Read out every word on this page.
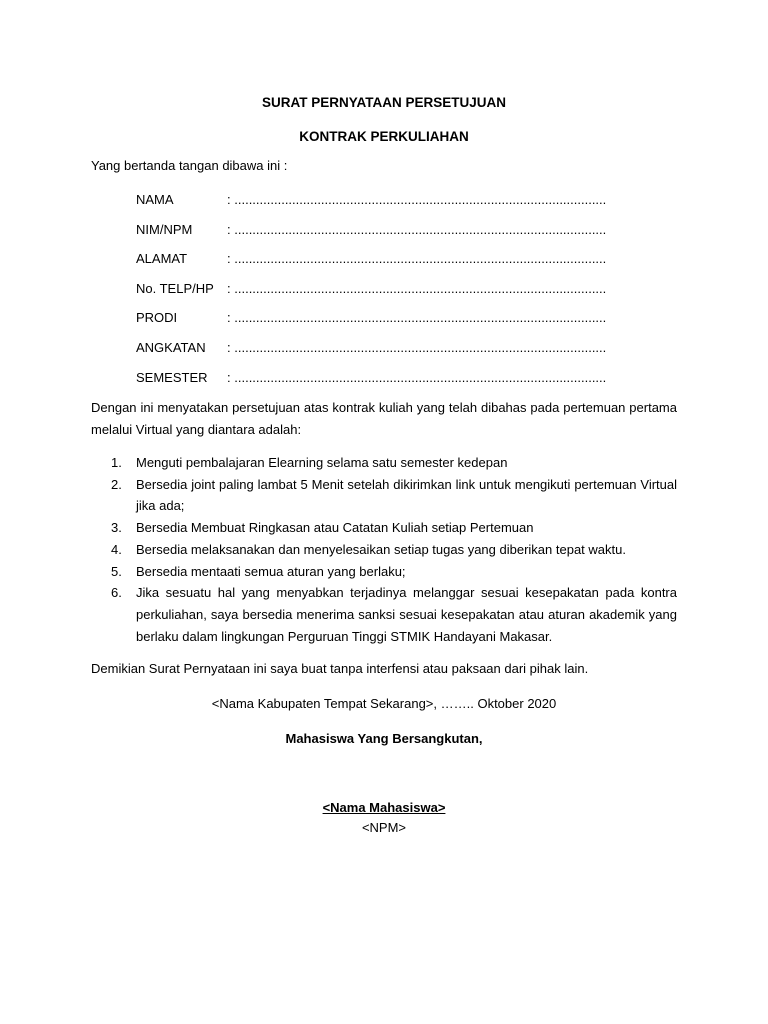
SURAT PERNYATAAN PERSETUJUAN
KONTRAK PERKULIAHAN
Yang bertanda tangan dibawa ini :
NAMA	: .......................................................................................................
NIM/NPM	: .......................................................................................................
ALAMAT	: .......................................................................................................
No. TELP/HP : .......................................................................................................
PRODI	: .......................................................................................................
ANGKATAN : .......................................................................................................
SEMESTER : .......................................................................................................
Dengan ini menyatakan persetujuan atas kontrak kuliah yang telah dibahas pada pertemuan pertama melalui Virtual yang diantara adalah:
1. Menguti pembalajaran Elearning selama satu semester kedepan
2. Bersedia joint paling lambat 5 Menit setelah dikirimkan link untuk mengikuti pertemuan Virtual jika ada;
3. Bersedia Membuat Ringkasan atau Catatan Kuliah setiap Pertemuan
4. Bersedia melaksanakan dan menyelesaikan setiap tugas yang diberikan tepat waktu.
5. Bersedia mentaati semua aturan yang berlaku;
6. Jika sesuatu hal yang menyabkan terjadinya melanggar sesuai kesepakatan pada kontra perkuliahan, saya bersedia menerima sanksi sesuai kesepakatan atau aturan akademik yang berlaku dalam lingkungan Perguruan Tinggi STMIK Handayani Makasar.
Demikian Surat Pernyataan ini saya buat tanpa interfensi atau paksaan dari pihak lain.
<Nama Kabupaten Tempat Sekarang>, …….. Oktober 2020
Mahasiswa Yang Bersangkutan,
<Nama Mahasiswa>
<NPM>
